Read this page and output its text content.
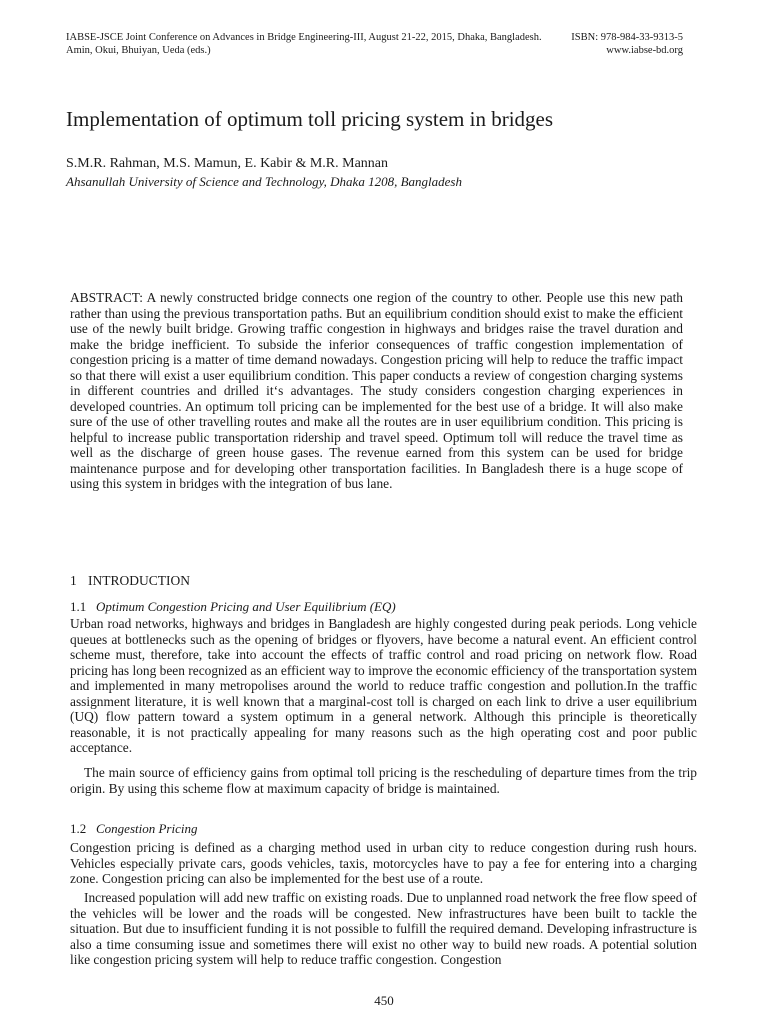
IABSE-JSCE Joint Conference on Advances in Bridge Engineering-III, August 21-22, 2015, Dhaka, Bangladesh.	ISBN: 978-984-33-9313-5
Amin, Okui, Bhuiyan, Ueda (eds.)	www.iabse-bd.org
Implementation of optimum toll pricing system in bridges
S.M.R. Rahman, M.S. Mamun, E. Kabir & M.R. Mannan
Ahsanullah University of Science and Technology, Dhaka 1208, Bangladesh

ABSTRACT: A newly constructed bridge connects one region of the country to other. People use this new path rather than using the previous transportation paths. But an equilibrium condition should exist to make the efficient use of the newly built bridge. Growing traffic congestion in highways and bridges raise the travel duration and make the bridge inefficient. To subside the inferior consequences of traffic congestion implementation of congestion pricing is a matter of time demand nowadays. Congestion pricing will help to reduce the traffic impact so that there will exist a user equilibrium condition. This paper conducts a review of congestion charging systems in different countries and drilled it‘s advantages. The study considers congestion charging experiences in developed countries. An optimum toll pricing can be implemented for the best use of a bridge. It will also make sure of the use of other travelling routes and make all the routes are in user equilibrium condition. This pricing is helpful to increase public transportation ridership and travel speed. Optimum toll will reduce the travel time as well as the discharge of green house gases. The revenue earned from this system can be used for bridge maintenance purpose and for developing other transportation facilities. In Bangladesh there is a huge scope of using this system in bridges with the integration of bus lane.

1 INTRODUCTION
1.1 Optimum Congestion Pricing and User Equilibrium (EQ)

Urban road networks, highways and bridges in Bangladesh are highly congested during peak periods. Long vehicle queues at bottlenecks such as the opening of bridges or flyovers, have become a natural event. An efficient control scheme must, therefore, take into account the effects of traffic control and road pricing on network flow. Road pricing has long been recognized as an efficient way to improve the economic efficiency of the transportation system and implemented in many metropolises around the world to reduce traffic congestion and pollution.In the traffic assignment literature, it is well known that a marginal-cost toll is charged on each link to drive a user equilibrium (UQ) flow pattern toward a system optimum in a general network. Although this principle is theoretically reasonable, it is not practically appealing for many reasons such as the high operating cost and poor public acceptance.

The main source of efficiency gains from optimal toll pricing is the rescheduling of departure times from the trip origin. By using this scheme flow at maximum capacity of bridge is maintained.

1.2 Congestion Pricing

Congestion pricing is defined as a charging method used in urban city to reduce congestion during rush hours. Vehicles especially private cars, goods vehicles, taxis, motorcycles have to pay a fee for entering into a charging zone. Congestion pricing can also be implemented for the best use of a route.

Increased population will add new traffic on existing roads. Due to unplanned road network the free flow speed of the vehicles will be lower and the roads will be congested. New infrastructures have been built to tackle the situation. But due to insufficient funding it is not possible to fulfill the required demand. Developing infrastructure is also a time consuming issue and sometimes there will exist no other way to build new roads. A potential solution like congestion pricing system will help to reduce traffic congestion. Congestion

450
